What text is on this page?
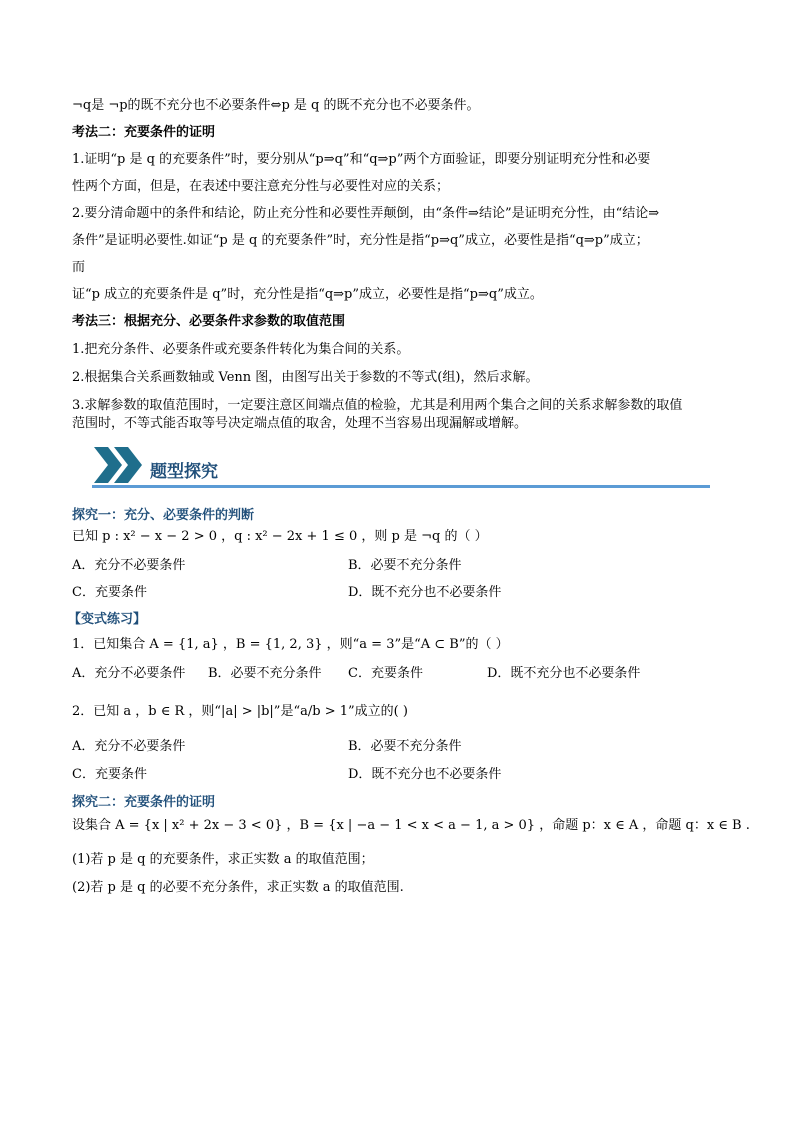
¬q是 ¬p的既不充分也不必要条件⇔p 是 q 的既不充分也不必要条件。
考法二：充要条件的证明
1.证明“p 是 q 的充要条件”时，要分别从“p⇒q”和“q⇒p”两个方面验证，即要分别证明充分性和必要
性两个方面，但是，在表述中要注意充分性与必要性对应的关系；
2.要分清命题中的条件和结论，防止充分性和必要性弄颠倒，由“条件⇒结论”是证明充分性，由“结论⇒
条件”是证明必要性.如证“p 是 q 的充要条件”时，充分性是指“p⇒q”成立，必要性是指“q⇒p”成立；
而
证“p 成立的充要条件是 q”时，充分性是指“q⇒p”成立，必要性是指“p⇒q”成立。
考法三：根据充分、必要条件求参数的取值范围
1.把充分条件、必要条件或充要条件转化为集合间的关系。
2.根据集合关系画数轴或 Venn 图，由图写出关于参数的不等式(组)，然后求解。
3.求解参数的取值范围时，一定要注意区间端点值的检验，尤其是利用两个集合之间的关系求解参数的取值
范围时，不等式能否取等号决定端点值的取舍，处理不当容易出现漏解或增解。
题型探究
探究一：充分、必要条件的判断
已知 p : x² − x − 2 > 0 ，q : x² − 2x + 1 ≤ 0 ，则 p 是 ¬q 的（ ）
A．充分不必要条件	B．必要不充分条件
C．充要条件	D．既不充分也不必要条件
【变式练习】
1．已知集合 A = {1, a} ，B = {1, 2, 3} ，则“a = 3”是“A ⊂ B”的（ ）
A．充分不必要条件 B．必要不充分条件 C．充要条件	D．既不充分也不必要条件
2．已知 a ，b ∈ R ，则“|a| > |b|”是“a/b > 1”成立的( )
A．充分不必要条件	B．必要不充分条件
C．充要条件	D．既不充分也不必要条件
探究二：充要条件的证明
设集合 A = {x | x² + 2x − 3 < 0} ，B = {x | −a − 1 < x < a − 1, a > 0} ，命题 p：x ∈ A ，命题 q：x ∈ B .
(1)若 p 是 q 的充要条件，求正实数 a 的取值范围；
(2)若 p 是 q 的必要不充分条件，求正实数 a 的取值范围.
